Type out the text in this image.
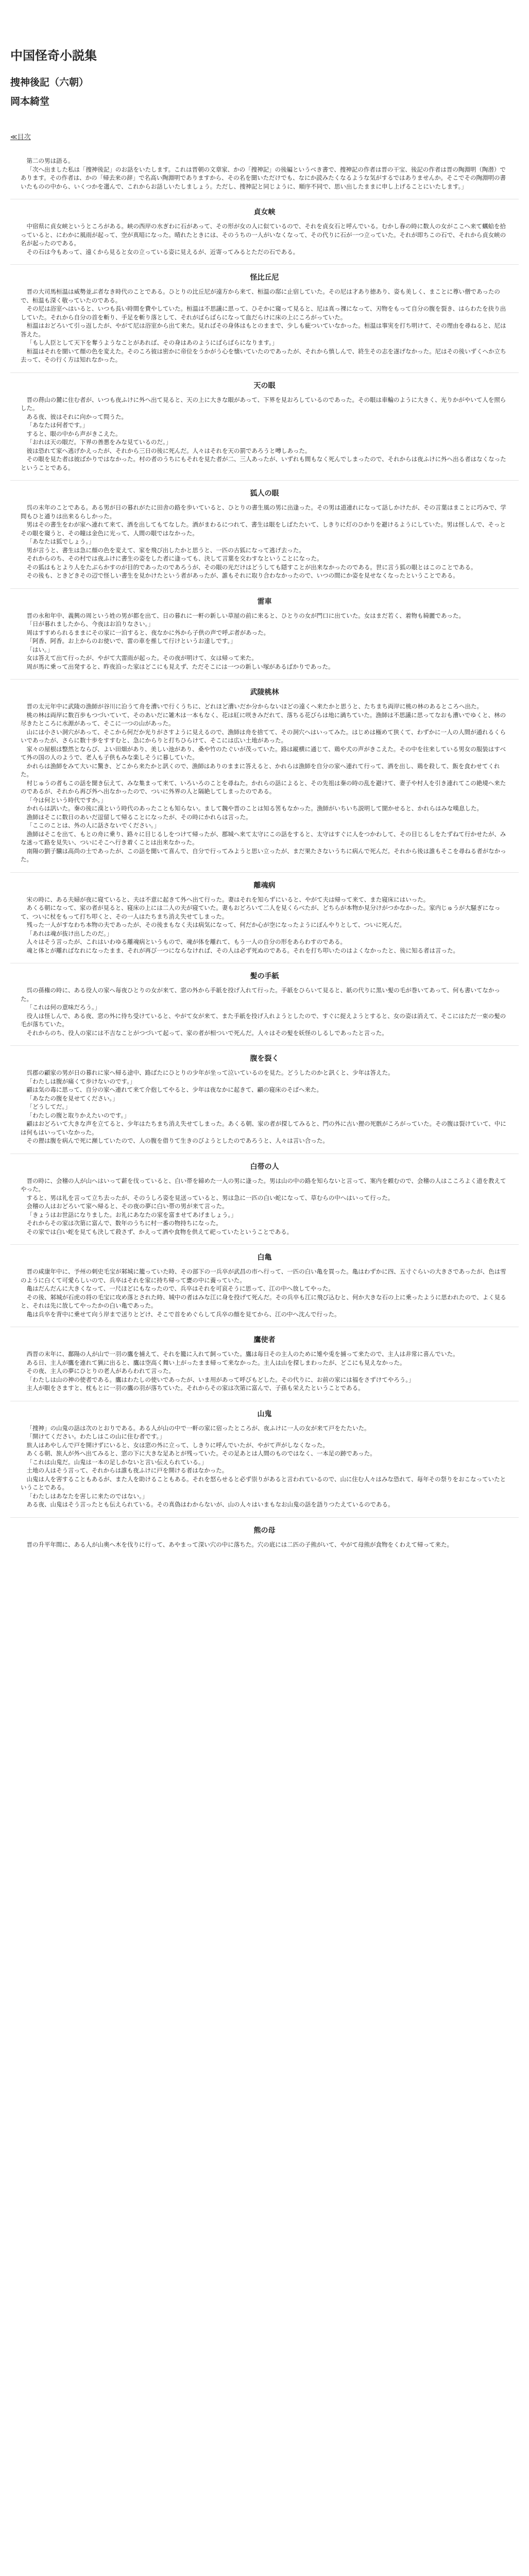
中国怪奇小説集
捜神後記（六朝）
岡本綺堂
≪目次

第二の男は語る。

「次へ出ました私は「捜神後記」のお話をいたします。これは晋朝の文章家、かの「捜神記」の後編というべき書で、捜神記の作者は晋の干宝、後記の作者は晋の陶淵明（陶潜）であります。その作者は、かの「帰去来の辞」で名高い陶淵明でありますから、その名を聞いただけでも、なにか読みたくなるような気がするではありませんか。そこでその陶淵明の書いたものの中から、いくつかを選んで、これからお話しいたしましょう。ただし、捜神記と同じように、順序不同で、思い出したままに申し上げることにいたします。」

貞女峡

中宿県に貞女峡というところがある。峡の西岸の水ぎわに石があって、その形が女の人に似ているので、それを貞女石と呼んでいる。むかし春の時に数人の女がここへ来て蠣蛤を拾っていると、にわかに風雨が起って、空が真暗になった。晴れたときには、そのうちの一人がいなくなって、その代りに石が一つ立っていた。それが即ちこの石で、それから貞女峡の名が起ったのである。

その石は今もあって、遠くから見ると女の立っている姿に見えるが、近寄ってみるとただの石である。

怪比丘尼

晋の大司馬桓温は威勢並ぶ者なき時代のことである。ひとりの比丘尼が遠方から来て、桓温の邸に止宿していた。その尼は才あり徳あり、姿も美しく、まことに尊い僧であったので、桓温も深く敬っていたのである。

その尼は浴室へはいると、いつも長い時間を費やしていた。桓温は不思議に思って、ひそかに窺って見ると、尼は真っ裸になって、刃物をもって自分の腹を裂き、はらわたを抉り出していた。それから自分の首を斬り、手足を斬り落として、それがばらばらになって血だらけに床の上にころがっていた。

桓温はおどろいて引っ返したが、やがて尼は浴室から出て来た。見ればその身体はもとのままで、少しも疵ついていなかった。桓温は事実を打ち明けて、その理由を尋ねると、尼は答えた。

「もし人臣として天下を奪うようなことがあれば、その身はあのようにばらばらになります。」

桓温はそれを聞いて顔の色を変えた。そのころ彼は密かに帝位をうかがう心を懐いていたのであったが、それから慎しんで、終生その志を遂げなかった。尼はその後いずくへか立ち去って、その行く方は知れなかった。

天の眼

晋の蒋山の麓に住む者が、いつも夜ふけに外へ出て見ると、天の上に大きな眼があって、下界を見おろしているのであった。その眼は車輪のように大きく、光りかがやいて人を照らした。

ある夜、彼はそれに向かって問うた。

「あなたは何者です。」

すると、眼の中から声がきこえた。

「おれは天の眼だ。下界の善悪をみな見ているのだ。」

彼は恐れて家へ逃げかえったが、それから三日の後に死んだ。人々はそれを天の罰であろうと噂しあった。

その眼を見た者は彼ばかりではなかった。村の者のうちにもそれを見た者が二、三人あったが、いずれも間もなく死んでしまったので、それからは夜ふけに外へ出る者はなくなったということである。

狐人の眼

呉の末年のことである。ある男が日の暮れがたに田舎の路を歩いていると、ひとりの書生風の男に出逢った。その男は道連れになって話しかけたが、その言葉はまことに巧みで、学問もひと通りは出来るらしかった。

男はその書生をわが家へ連れて来て、酒を出してもてなした。酒がまわるにつれて、書生は眼をしばたたいて、しきりに灯のひかりを避けるようにしていた。男は怪しんで、そっとその眼を窺うと、その瞳は金色に光って、人間の眼ではなかった。

「あなたは狐でしょう。」

男が言うと、書生は急に顔の色を変えて、家を飛び出したかと思うと、一匹の古狐になって逃げ去った。

それからのち、その村では夜ふけに書生の姿をした者に逢っても、決して言葉を交わすなということになった。

その狐はもとより人をたぶらかすのが目的であったのであろうが、その眼の光だけはどうしても隠すことが出来なかったのである。世に言う狐の眼とはこのことである。

その後も、ときどきその辺で怪しい書生を見かけたという者があったが、誰もそれに取り合わなかったので、いつの間にか姿を見せなくなったということである。

雷車

晋の永和年中、義興の周という姓の男が都を出て、日の暮れに一軒の新しい草屋の前に来ると、ひとりの女が門口に出ていた。女はまだ若く、着物も綺麗であった。

「日が暮れましたから、今夜はお泊りなさい。」

周はすすめられるままにその家に一泊すると、夜なかに外から子供の声で呼ぶ者があった。

「阿香、阿香。お上からのお使いで、雷の車を推して行けというお達しです。」

「はい。」

女は答えて出て行ったが、やがて大雷雨が起った。その夜が明けて、女は帰って来た。

周が馬に乗って出発すると、昨夜泊った家はどこにも見えず、ただそこには一つの新しい塚があるばかりであった。

武陵桃林

晋の太元年中に武陵の漁師が谷川に沿うて舟を漕いで行くうちに、どれほど漕いだか分からないほどの遠くへ来たかと思うと、たちまち両岸に桃の林のあるところへ出た。

桃の林は両岸に数百歩もつづいていて、そのあいだに雑木は一本もなく、花は紅に咲きみだれて、落ちる花びらは地に満ちていた。漁師は不思議に思ってなおも漕いでゆくと、林の尽きたところに水源があって、そこに一つの山があった。

山には小さい洞穴があって、そこから何だか光りがさすように見えるので、漁師は舟を捨てて、その洞穴へはいってみた。はじめは極めて狭くて、わずかに一人の人間が通れるくらいであったが、さらに数十歩をすすむと、急にからりと打ちひらけて、そこには広い土地があった。

家々の屋根は整然とならび、よい田畑があり、美しい池があり、桑や竹のたぐいが茂っていた。路は縦横に通じて、鶏や犬の声がきこえた。その中を往来している男女の服装はすべて外の国の人のようで、老人も子供もみな楽しそうに暮していた。

かれらは漁師をみて大いに驚き、どこから来たかと訊くので、漁師はありのままに答えると、かれらは漁師を自分の家へ連れて行って、酒を出し、鶏を殺して、飯を食わせてくれた。

村じゅうの者もこの話を聞き伝えて、みな集まって来て、いろいろのことを尋ねた。かれらの話によると、その先祖は秦の時の乱を避けて、妻子や村人を引き連れてこの絶境へ来たのであるが、それから再び外へ出なかったので、ついに外界の人と隔絶してしまったのである。

「今は何という時代ですか。」

かれらは訊いた。秦の後に漢という時代のあったことも知らない。まして魏や晋のことは知る筈もなかった。漁師がいちいち説明して聞かせると、かれらはみな嘆息した。

漁師はそこに数日のあいだ逗留して帰ることになったが、その時にかれらは言った。

「ここのことは、外の人に話さないでください。」

漁師はそこを出て、もとの舟に乗り、路々に目じるしをつけて帰ったが、郡城へ来て太守にこの話をすると、太守はすぐに人をつかわして、その目じるしをたずねて行かせたが、みな迷って路を見失い、ついにそこへ行き着くことは出来なかった。

南陽の劉子驥は高尚の士であったが、この話を聞いて喜んで、自分で行ってみようと思い立ったが、まだ果たさないうちに病んで死んだ。それから後は誰もそこを尋ねる者がなかった。

離魂病

宋の時に、ある夫婦が夜に寝ていると、夫は不意に起きて外へ出て行った。妻はそれを知らずにいると、やがて夫は帰って来て、また寝床にはいった。

あくる朝になって、家の者が見ると、寝床の上には二人の夫が寝ていた。妻もおどろいて二人を見くらべたが、どちらが本物か見分けがつかなかった。家内じゅうが大騒ぎになって、ついに杖をもって打ち叩くと、その一人はたちまち消え失せてしまった。

残った一人がすなわち本物の夫であったが、その後まもなく夫は病気になって、何だか心が空になったようにぼんやりとして、ついに死んだ。

「あれは魂が抜け出したのだ。」

人々はそう言ったが、これはいわゆる離魂病というもので、魂が体を離れて、もう一人の自分の形をあらわすのである。

魂と体とが離ればなれになったまま、それが再び一つにならなければ、その人は必ず死ぬのである。それを打ち叩いたのはよくなかったと、後に知る者は言った。

髪の手紙

呉の孫権の時に、ある役人の家へ毎夜ひとりの女が来て、窓の外から手紙を投げ入れて行った。手紙をひらいて見ると、紙の代りに黒い髪の毛が巻いてあって、何も書いてなかった。

「これは何の意味だろう。」

役人は怪しんで、ある夜、窓の外に待ち受けていると、やがて女が来て、また手紙を投げ入れようとしたので、すぐに捉えようとすると、女の姿は消えて、そこにはただ一束の髪の毛が落ちていた。

それからのち、役人の家には不吉なことがつづいて起って、家の者が相ついで死んだ。人々はその髪を妖怪のしるしであったと言った。

腹を裂く

呉郡の顧家の男が日の暮れに家へ帰る途中、路ばたにひとりの少年が坐って泣いているのを見た。どうしたのかと訊くと、少年は答えた。

「わたしは腹が痛くて歩けないのです。」

顧は気の毒に思って、自分の家へ連れて来て介抱してやると、少年は夜なかに起きて、顧の寝床のそばへ来た。

「あなたの腹を見せてください。」

「どうしてだ。」

「わたしの腹と取りかえたいのです。」

顧はおどろいて大きな声を立てると、少年はたちまち消え失せてしまった。あくる朝、家の者が探してみると、門の外に古い狸の死骸がころがっていた。その腹は裂けていて、中には何もはいっていなかった。

その狸は腹を病んで死に瀕していたので、人の腹を借りて生きのびようとしたのであろうと、人々は言い合った。

白帯の人

晋の時に、会稽の人が山へはいって薪を伐っていると、白い帯を締めた一人の男に逢った。男は山の中の路を知らないと言って、案内を頼むので、会稽の人はこころよく道を教えてやった。

すると、男は礼を言って立ち去ったが、そのうしろ姿を見送っていると、男は急に一匹の白い蛇になって、草むらの中へはいって行った。

会稽の人はおどろいて家へ帰ると、その夜の夢に白い帯の男が来て言った。

「きょうはお世話になりました。お礼にあなたの家を富ませてあげましょう。」

それからその家は次第に富んで、数年のうちに村一番の物持ちになった。

その家では白い蛇を見ても決して殺さず、かえって酒や食物を供えて祀っていたということである。

白亀

晋の咸康年中に、予州の刺史毛宝が邾城に籠っていた時、その部下の一兵卒が武昌の市へ行って、一匹の白い亀を買った。亀はわずかに四、五寸ぐらいの大きさであったが、色は雪のように白くて可愛らしいので、兵卒はそれを家に持ち帰って甕の中に養っていた。

亀はだんだんに大きくなって、一尺ほどにもなったので、兵卒はそれを可哀そうに思って、江の中へ放してやった。

その後、邾城が石虎の将の毛宝に攻め落とされた時、城中の者はみな江に身を投げて死んだ。その兵卒も江に飛び込むと、何か大きな石の上に乗ったように思われたので、よく見ると、それは先に放してやったかの白い亀であった。

亀は兵卒を背中に乗せて向う岸まで送りとどけ、そこで首をめぐらして兵卒の顔を見てから、江の中へ沈んで行った。

鷹使者

西晋の末年に、鄱陽の人が山で一羽の鷹を捕えて、それを籠に入れて飼っていた。鷹は毎日その主人のために雉や兎を捕って来たので、主人は非常に喜んでいた。

ある日、主人が鷹を連れて猟に出ると、鷹は空高く舞い上がったまま帰って来なかった。主人は山を探しまわったが、どこにも見えなかった。

その夜、主人の夢にひとりの老人があらわれて言った。

「わたしは山の神の使者である。鷹はわたしの使いであったが、いま用があって呼びもどした。その代りに、お前の家には福をさずけてやろう。」

主人が眼をさますと、枕もとに一羽の鷹の羽が落ちていた。それからその家は次第に富んで、子孫も栄えたということである。

山鬼

「捜神」の山鬼の話は次のとおりである。ある人が山の中で一軒の家に宿ったところが、夜ふけに一人の女が来て戸をたたいた。

「開けてください。わたしはこの山に住む者です。」

旅人はあやしんで戸を開けずにいると、女は窓の外に立って、しきりに呼んでいたが、やがて声がしなくなった。

あくる朝、旅人が外へ出てみると、窓の下に大きな足あとが残っていた。その足あとは人間のものではなく、一本足の跡であった。

「これは山鬼だ。山鬼は一本の足しかないと言い伝えられている。」

土地の人はそう言って、それからは誰も夜ふけに戸を開ける者はなかった。

山鬼は人を害することもあるが、また人を助けることもある。それを怒らせると必ず祟りがあると言われているので、山に住む人々はみな恐れて、毎年その祭りをおこなっていたということである。

「わたしはあなたを害しに来たのではない。」

ある夜、山鬼はそう言ったとも伝えられている。その真偽はわからないが、山の人々はいまもなお山鬼の話を語りつたえているのである。

熊の母

晋の升平年間に、ある人が山奥へ木を伐りに行って、あやまって深い穴の中に落ちた。穴の底には二匹の子熊がいて、やがて母熊が食物をくわえて帰って来た。
